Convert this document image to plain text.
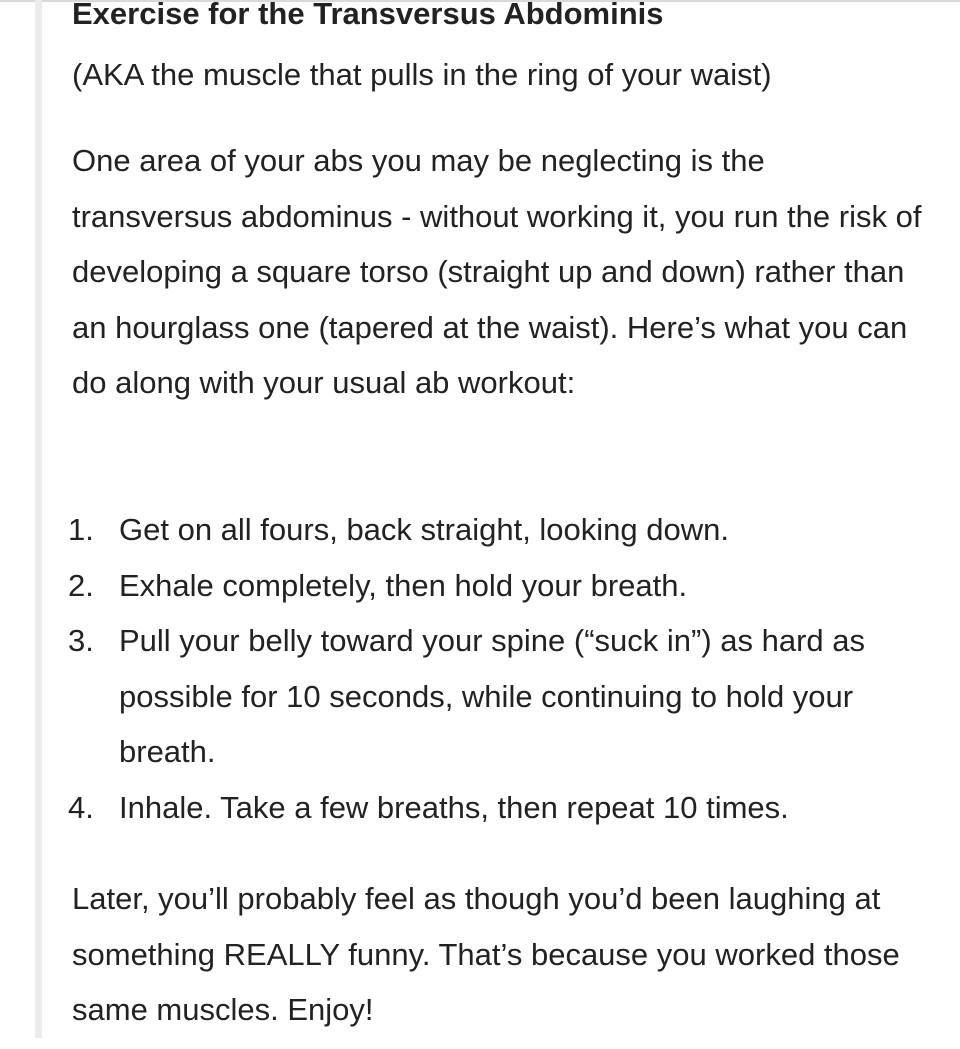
Exercise for the Transversus Abdominis

(AKA the muscle that pulls in the ring of your waist)

One area of your abs you may be neglecting is the transversus abdominus - without working it, you run the risk of developing a square torso (straight up and down) rather than an hourglass one (tapered at the waist). Here’s what you can do along with your usual ab workout:

1. Get on all fours, back straight, looking down.
2. Exhale completely, then hold your breath.
3. Pull your belly toward your spine (“suck in”) as hard as possible for 10 seconds, while continuing to hold your breath.
4. Inhale. Take a few breaths, then repeat 10 times.

Later, you’ll probably feel as though you’d been laughing at something REALLY funny. That’s because you worked those same muscles. Enjoy!
